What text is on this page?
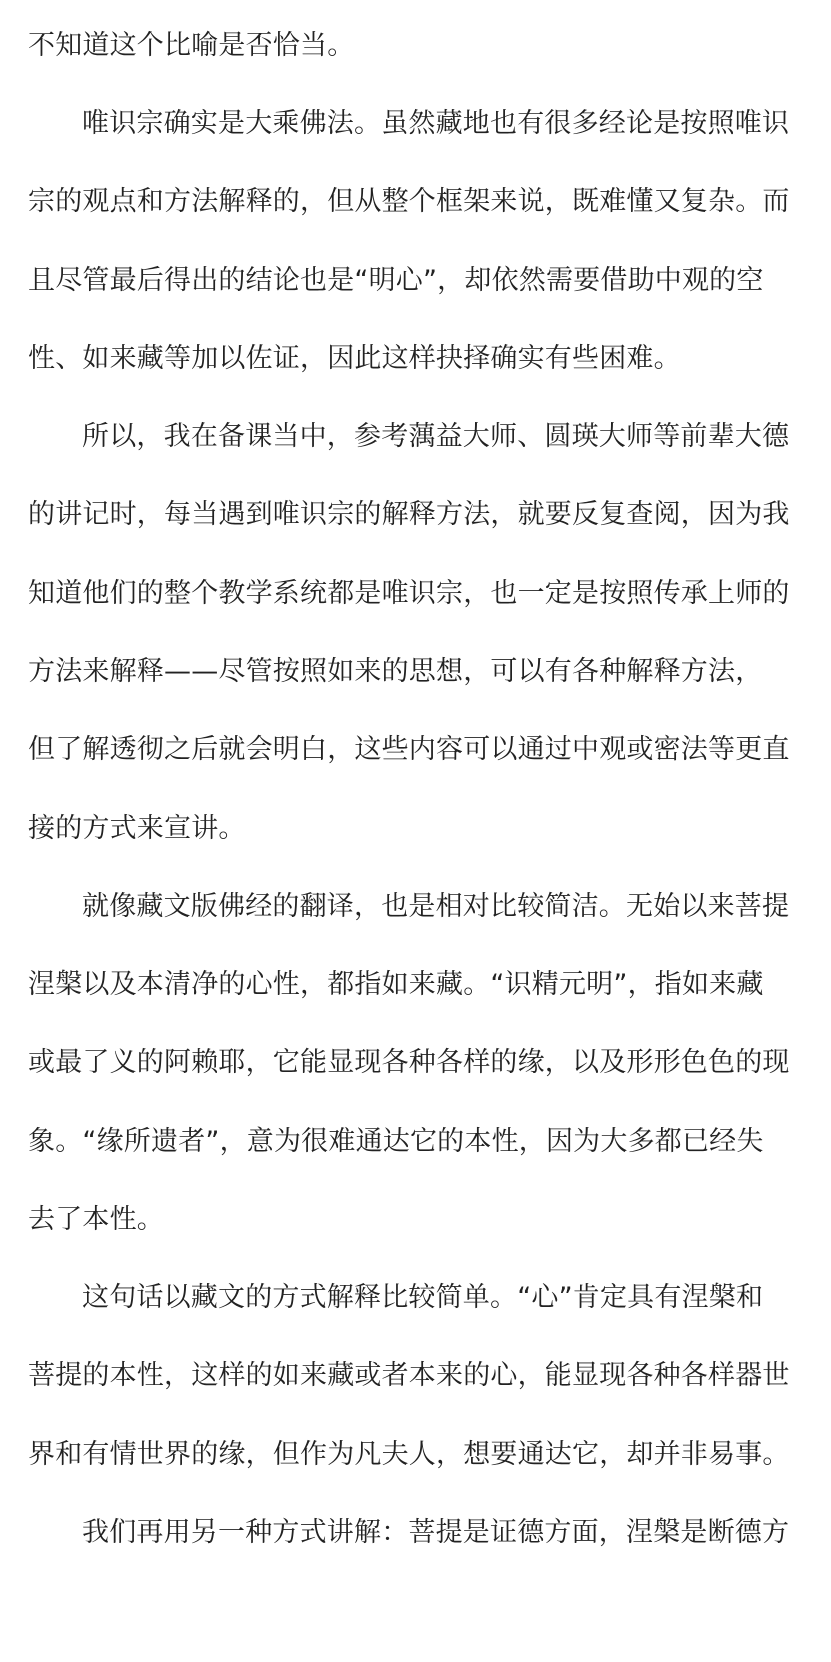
不知道这个比喻是否恰当。
唯识宗确实是大乘佛法。虽然藏地也有很多经论是按照唯识
宗的观点和方法解释的，但从整个框架来说，既难懂又复杂。而
且尽管最后得出的结论也是“明心”，却依然需要借助中观的空
性、如来藏等加以佐证，因此这样抉择确实有些困难。
所以，我在备课当中，参考蕅益大师、圆瑛大师等前辈大德
的讲记时，每当遇到唯识宗的解释方法，就要反复查阅，因为我
知道他们的整个教学系统都是唯识宗，也一定是按照传承上师的
方法来解释——尽管按照如来的思想，可以有各种解释方法，
但了解透彻之后就会明白，这些内容可以通过中观或密法等更直
接的方式来宣讲。
就像藏文版佛经的翻译，也是相对比较简洁。无始以来菩提
涅槃以及本清净的心性，都指如来藏。“识精元明”，指如来藏
或最了义的阿赖耶，它能显现各种各样的缘，以及形形色色的现
象。“缘所遗者”，意为很难通达它的本性，因为大多都已经失
去了本性。
这句话以藏文的方式解释比较简单。“心”肯定具有涅槃和
菩提的本性，这样的如来藏或者本来的心，能显现各种各样器世
界和有情世界的缘，但作为凡夫人，想要通达它，却并非易事。
我们再用另一种方式讲解：菩提是证德方面，涅槃是断德方
